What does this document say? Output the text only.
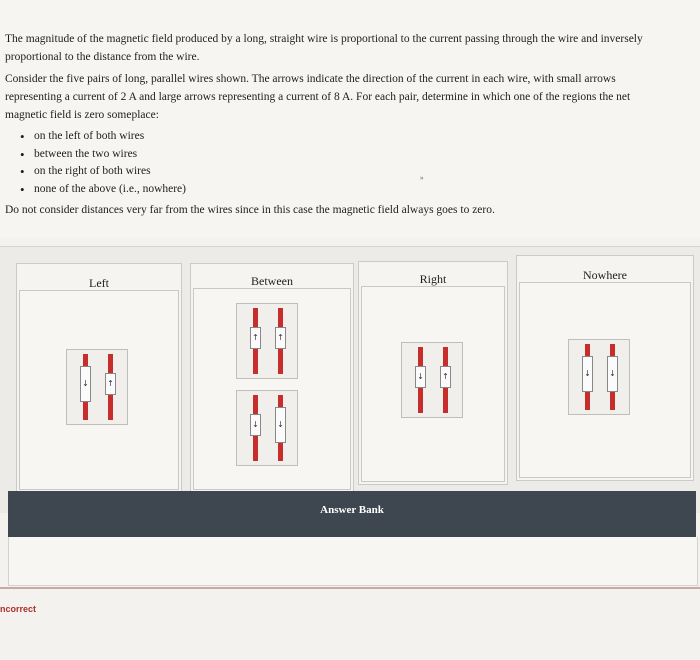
The magnitude of the magnetic field produced by a long, straight wire is proportional to the current passing through the wire and inversely proportional to the distance from the wire.
Consider the five pairs of long, parallel wires shown. The arrows indicate the direction of the current in each wire, with small arrows representing a current of 2 A and large arrows representing a current of 8 A. For each pair, determine in which one of the regions the net magnetic field is zero someplace:
• on the left of both wires
• between the two wires
• on the right of both wires
• none of the above (i.e., nowhere)
Do not consider distances very far from the wires since in this case the magnetic field always goes to zero.
»
Left	Between	Right	Nowhere
↓ ↑
↑ ↑
↓ ↓
↓ ↑	↓ ↓
Answer Bank
ncorrect
